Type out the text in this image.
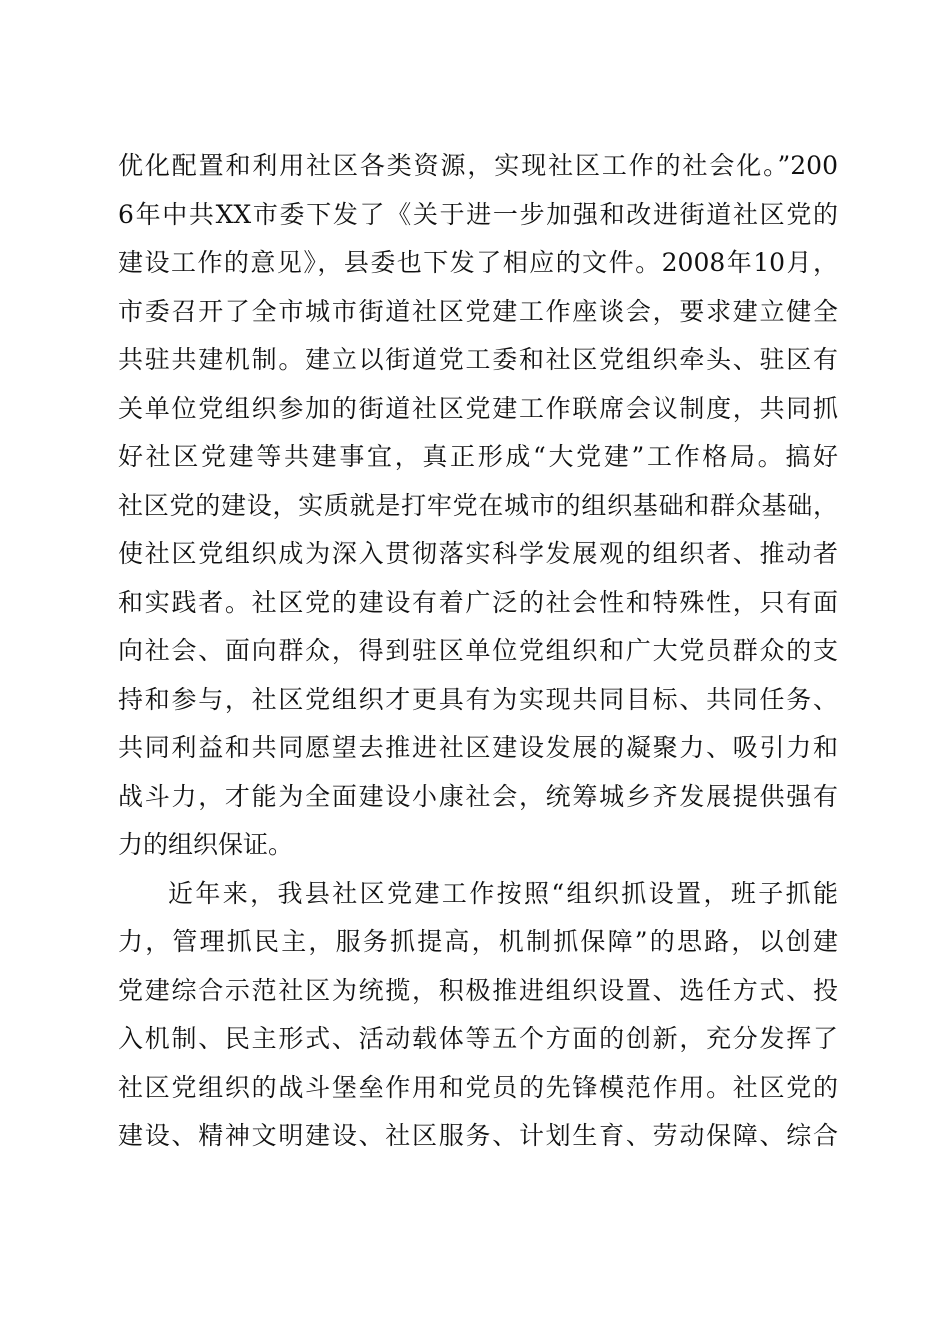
优化配置和利用社区各类资源，实现社区工作的社会化。”200
6年中共XX市委下发了《关于进一步加强和改进街道社区党的
建设工作的意见》，县委也下发了相应的文件。2008年10月，
市委召开了全市城市街道社区党建工作座谈会，要求建立健全
共驻共建机制。建立以街道党工委和社区党组织牵头、驻区有
关单位党组织参加的街道社区党建工作联席会议制度，共同抓
好社区党建等共建事宜，真正形成“大党建”工作格局。搞好
社区党的建设，实质就是打牢党在城市的组织基础和群众基础，
使社区党组织成为深入贯彻落实科学发展观的组织者、推动者
和实践者。社区党的建设有着广泛的社会性和特殊性，只有面
向社会、面向群众，得到驻区单位党组织和广大党员群众的支
持和参与，社区党组织才更具有为实现共同目标、共同任务、
共同利益和共同愿望去推进社区建设发展的凝聚力、吸引力和
战斗力，才能为全面建设小康社会，统筹城乡齐发展提供强有
力的组织保证。
近年来，我县社区党建工作按照“组织抓设置，班子抓能
力，管理抓民主，服务抓提高，机制抓保障”的思路，以创建
党建综合示范社区为统揽，积极推进组织设置、选任方式、投
入机制、民主形式、活动载体等五个方面的创新，充分发挥了
社区党组织的战斗堡垒作用和党员的先锋模范作用。社区党的
建设、精神文明建设、社区服务、计划生育、劳动保障、综合
